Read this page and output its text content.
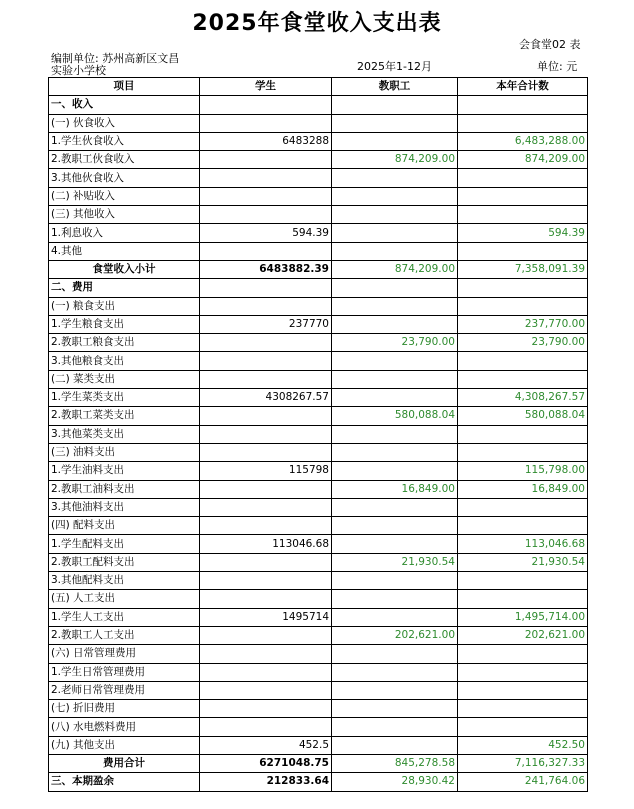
2025年食堂收入支出表
会食堂02 表
编制单位: 苏州高新区文昌
实验小学校	2025年1-12月	单位: 元
项目	学生	教职工	本年合计数
一、收入			
(一) 伙食收入			
1.学生伙食收入	6483288		6,483,288.00
2.教职工伙食收入		874,209.00	874,209.00
3.其他伙食收入			
(二) 补贴收入			
(三) 其他收入			
1.利息收入	594.39		594.39
4.其他			
食堂收入小计	6483882.39	874,209.00	7,358,091.39
二、费用			
(一) 粮食支出			
1.学生粮食支出	237770		237,770.00
2.教职工粮食支出		23,790.00	23,790.00
3.其他粮食支出			
(二) 菜类支出			
1.学生菜类支出	4308267.57		4,308,267.57
2.教职工菜类支出		580,088.04	580,088.04
3.其他菜类支出			
(三) 油料支出			
1.学生油料支出	115798		115,798.00
2.教职工油料支出		16,849.00	16,849.00
3.其他油料支出			
(四) 配料支出			
1.学生配料支出	113046.68		113,046.68
2.教职工配料支出		21,930.54	21,930.54
3.其他配料支出			
(五) 人工支出			
1.学生人工支出	1495714		1,495,714.00
2.教职工人工支出		202,621.00	202,621.00
(六) 日常管理费用			
1.学生日常管理费用			
2.老师日常管理费用			
(七) 折旧费用			
(八) 水电燃料费用			
(九) 其他支出	452.5		452.50
费用合计	6271048.75	845,278.58	7,116,327.33
三、本期盈余	212833.64	28,930.42	241,764.06
